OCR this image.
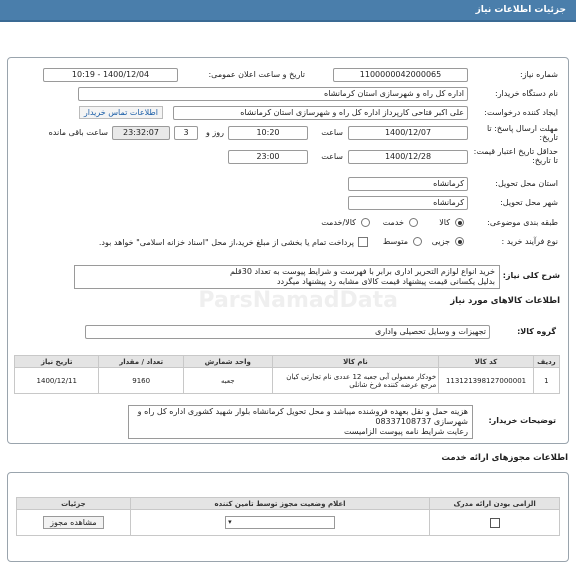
جزئیات اطلاعات نیاز
شماره نیاز:
1100000042000065
تاریخ و ساعت اعلان عمومی:
1400/12/04 - 10:19
نام دستگاه خریدار:
اداره کل راه و شهرسازی استان کرمانشاه
ایجاد کننده درخواست:
علی اکبر فتاحی کارپرداز اداره کل راه و شهرسازی استان کرمانشاه
اطلاعات تماس خریدار
مهلت ارسال پاسخ: تا تاریخ:
1400/12/07
ساعت
10:20
3	روز و
23:32:07
ساعت باقی مانده
حداقل تاریخ اعتبار قیمت: تا تاریخ:
1400/12/28
ساعت
23:00
استان محل تحویل:
کرمانشاه
شهر محل تحویل:
کرمانشاه
طبقه بندی موضوعی:
کالا
خدمت
کالا/خدمت
نوع فرآیند خرید :
جزیی
متوسط
پرداخت تمام یا بخشی از مبلغ خرید،از محل "اسناد خزانه اسلامی" خواهد بود.
شرح کلی نیاز:
خرید انواع لوازم التحریر اداری برابر با فهرست و شرایط پیوست به تعداد 30قلم
بدلیل یکسانی قیمت پیشنهاد قیمت کالای مشابه رد پیشنهاد میگردد
اطلاعات کالاهای مورد نیاز
گروه کالا:
تجهیزات و وسایل تحصیلی واداری
ردیف	کد کالا	نام کالا	واحد شمارش	تعداد / مقدار	تاریخ نیاز
1	113121398127000001	خودکار معمولی آبی جعبه 12 عددی نام تجارتی کیان مرجع عرضه کننده فرخ شانلی	جعبه	9160	1400/12/11
توضیحات خریدار:
هزینه حمل و نقل بعهده فروشنده میباشد و محل تحویل کرمانشاه بلوار شهید کشوری اداره کل راه و شهرسازی 08337108737
رعایت شرایط نامه پیوست الزامیست
ParsNamadData
اطلاعات مجوزهای ارائه خدمت
الزامی بودن ارائه مدرک	اعلام وضعیت مجوز توسط تامین کننده	جزئیات

	▾	مشاهده مجوز
